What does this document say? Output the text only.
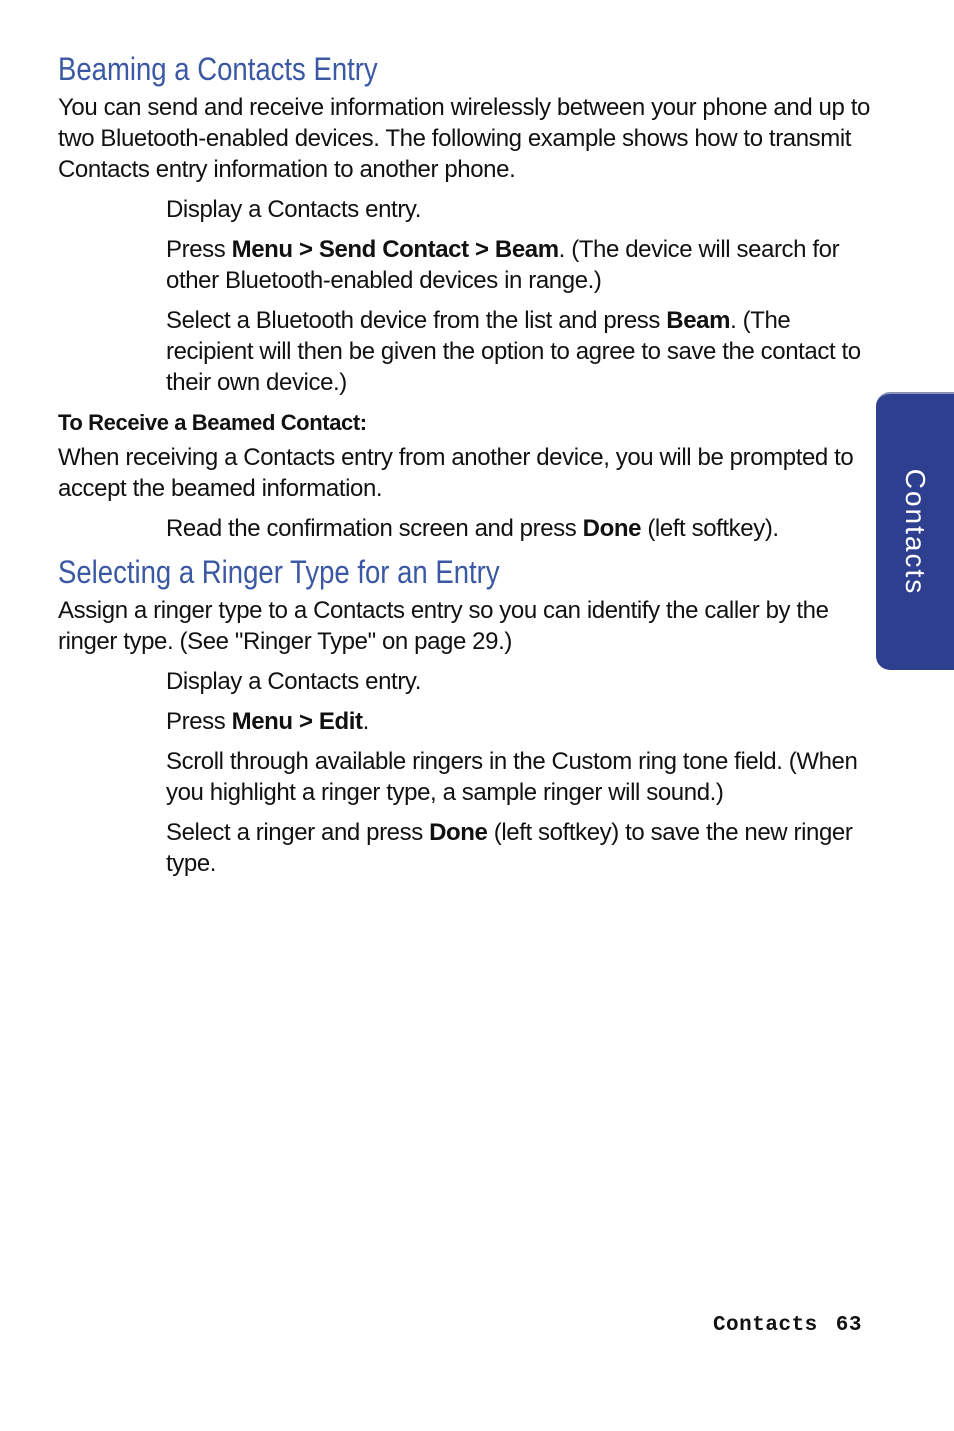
Beaming a Contacts Entry

You can send and receive information wirelessly between your phone and up to two Bluetooth-enabled devices. The following example shows how to transmit Contacts entry information to another phone.

Display a Contacts entry.

Press Menu > Send Contact > Beam. (The device will search for other Bluetooth-enabled devices in range.)

Select a Bluetooth device from the list and press Beam. (The recipient will then be given the option to agree to save the contact to their own device.)

To Receive a Beamed Contact:

When receiving a Contacts entry from another device, you will be prompted to accept the beamed information.

Read the confirmation screen and press Done (left softkey).

Selecting a Ringer Type for an Entry

Assign a ringer type to a Contacts entry so you can identify the caller by the ringer type. (See "Ringer Type" on page 29.)

Display a Contacts entry.

Press Menu > Edit.

Scroll through available ringers in the Custom ring tone field. (When you highlight a ringer type, a sample ringer will sound.)

Select a ringer and press Done (left softkey) to save the new ringer type.

Contacts
Contacts 63
